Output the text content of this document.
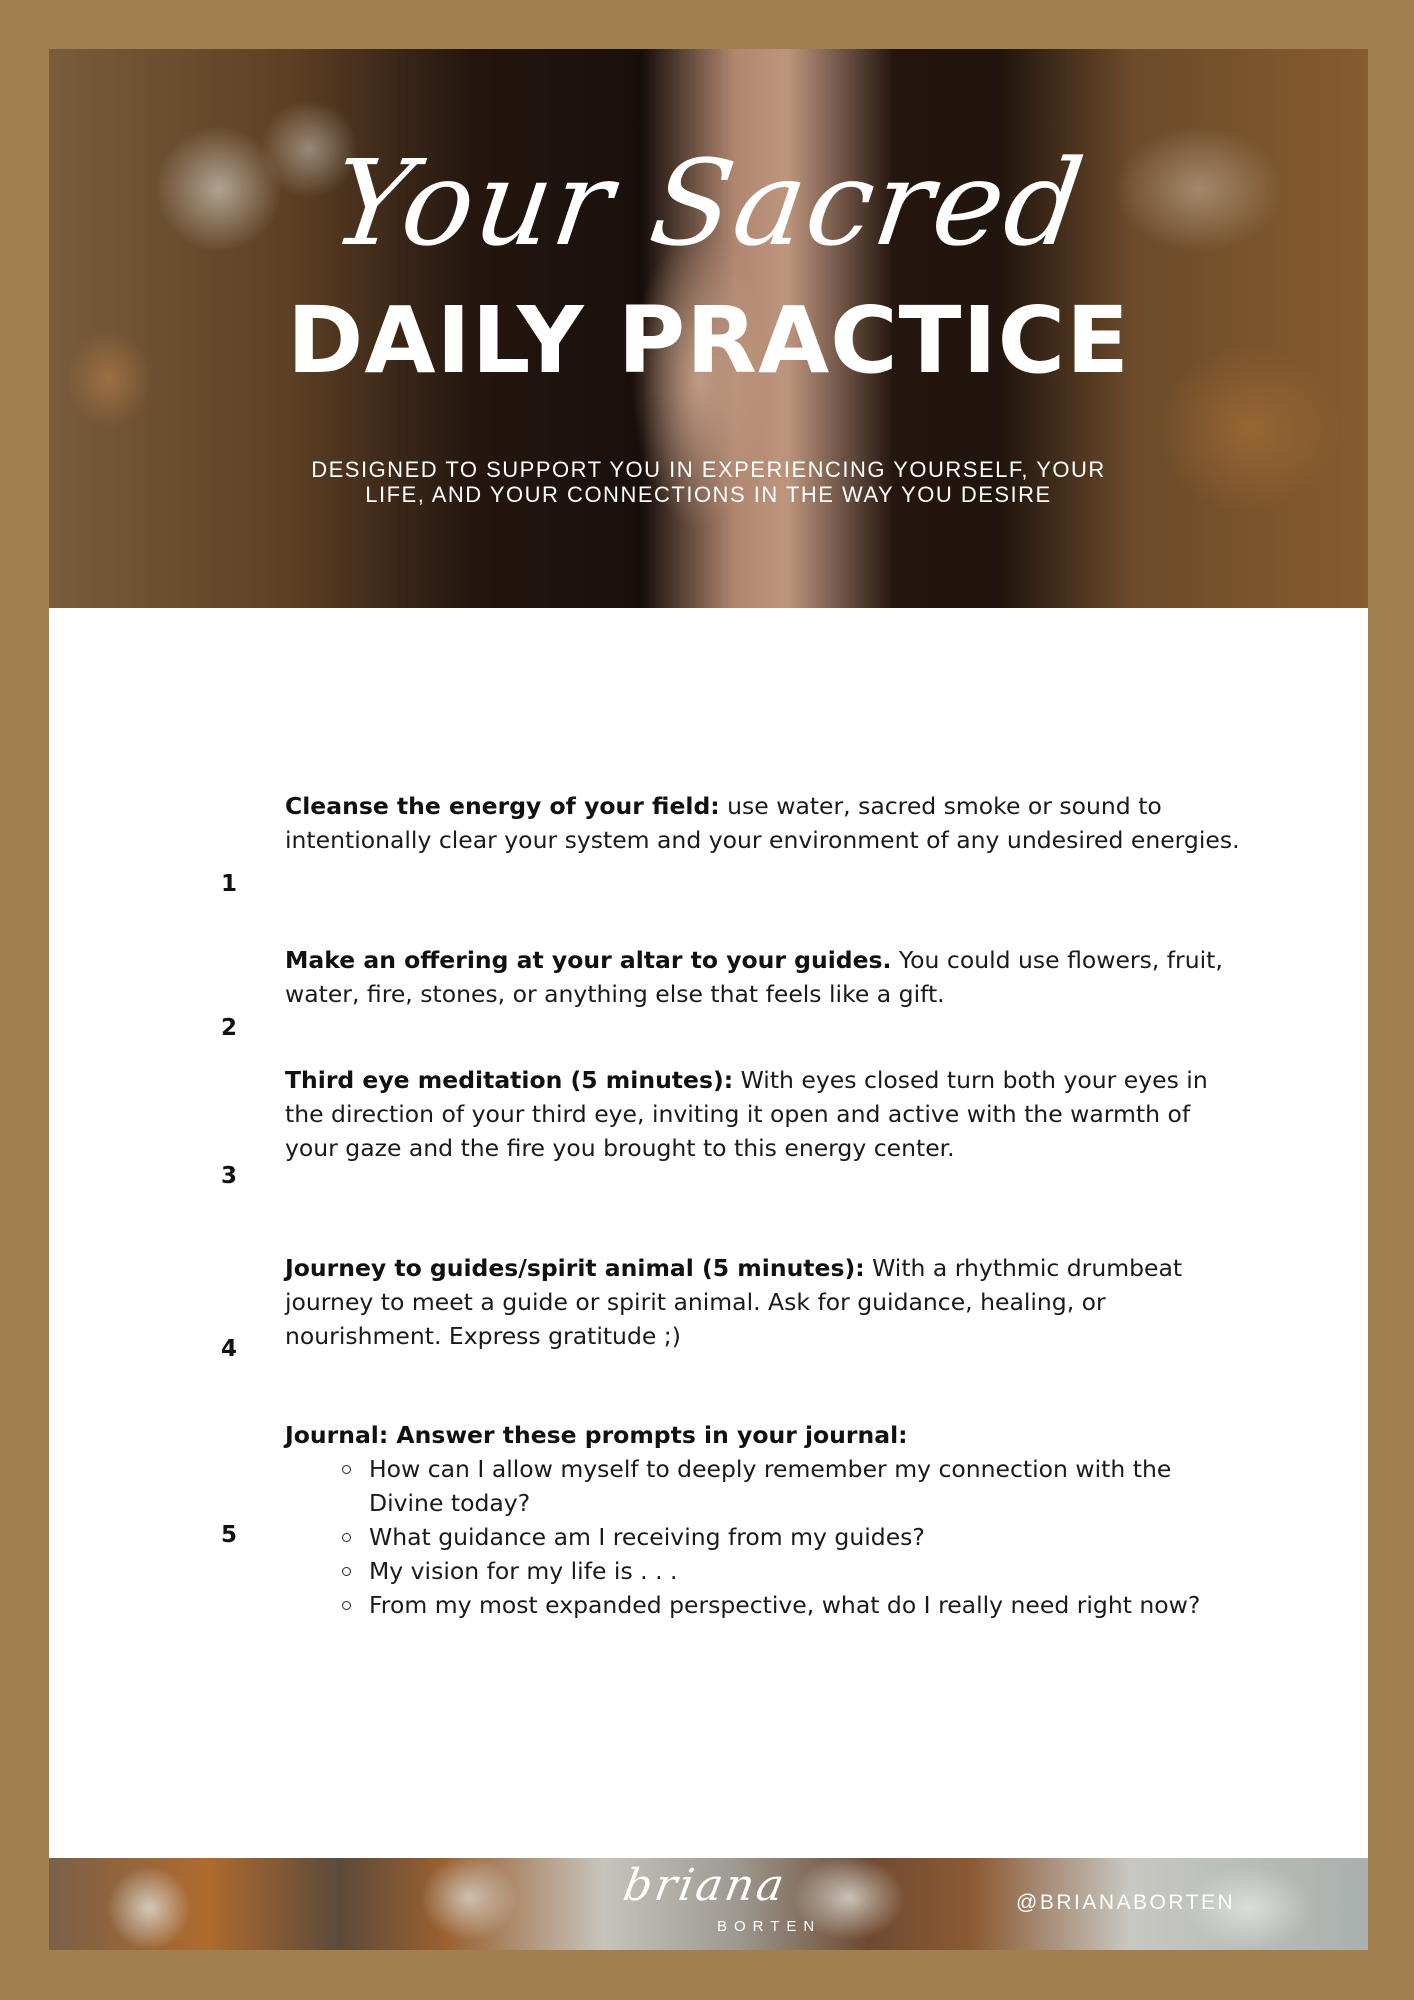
Your Sacred
DAILY PRACTICE
DESIGNED TO SUPPORT YOU IN EXPERIENCING YOURSELF, YOUR
LIFE, AND YOUR CONNECTIONS IN THE WAY YOU DESIRE
1
Cleanse the energy of your field: use water, sacred smoke or sound to intentionally clear your system and your environment of any undesired energies.
2
Make an offering at your altar to your guides. You could use flowers, fruit, water, fire, stones, or anything else that feels like a gift.
3
Third eye meditation (5 minutes): With eyes closed turn both your eyes in the direction of your third eye, inviting it open and active with the warmth of your gaze and the fire you brought to this energy center.
4
Journey to guides/spirit animal (5 minutes): With a rhythmic drumbeat journey to meet a guide or spirit animal. Ask for guidance, healing, or nourishment. Express gratitude ;)
5
Journal: Answer these prompts in your journal:
How can I allow myself to deeply remember my connection with the Divine today?
What guidance am I receiving from my guides?
My vision for my life is . . .
From my most expanded perspective, what do I really need right now?
briana
BORTEN
@BRIANABORTEN
